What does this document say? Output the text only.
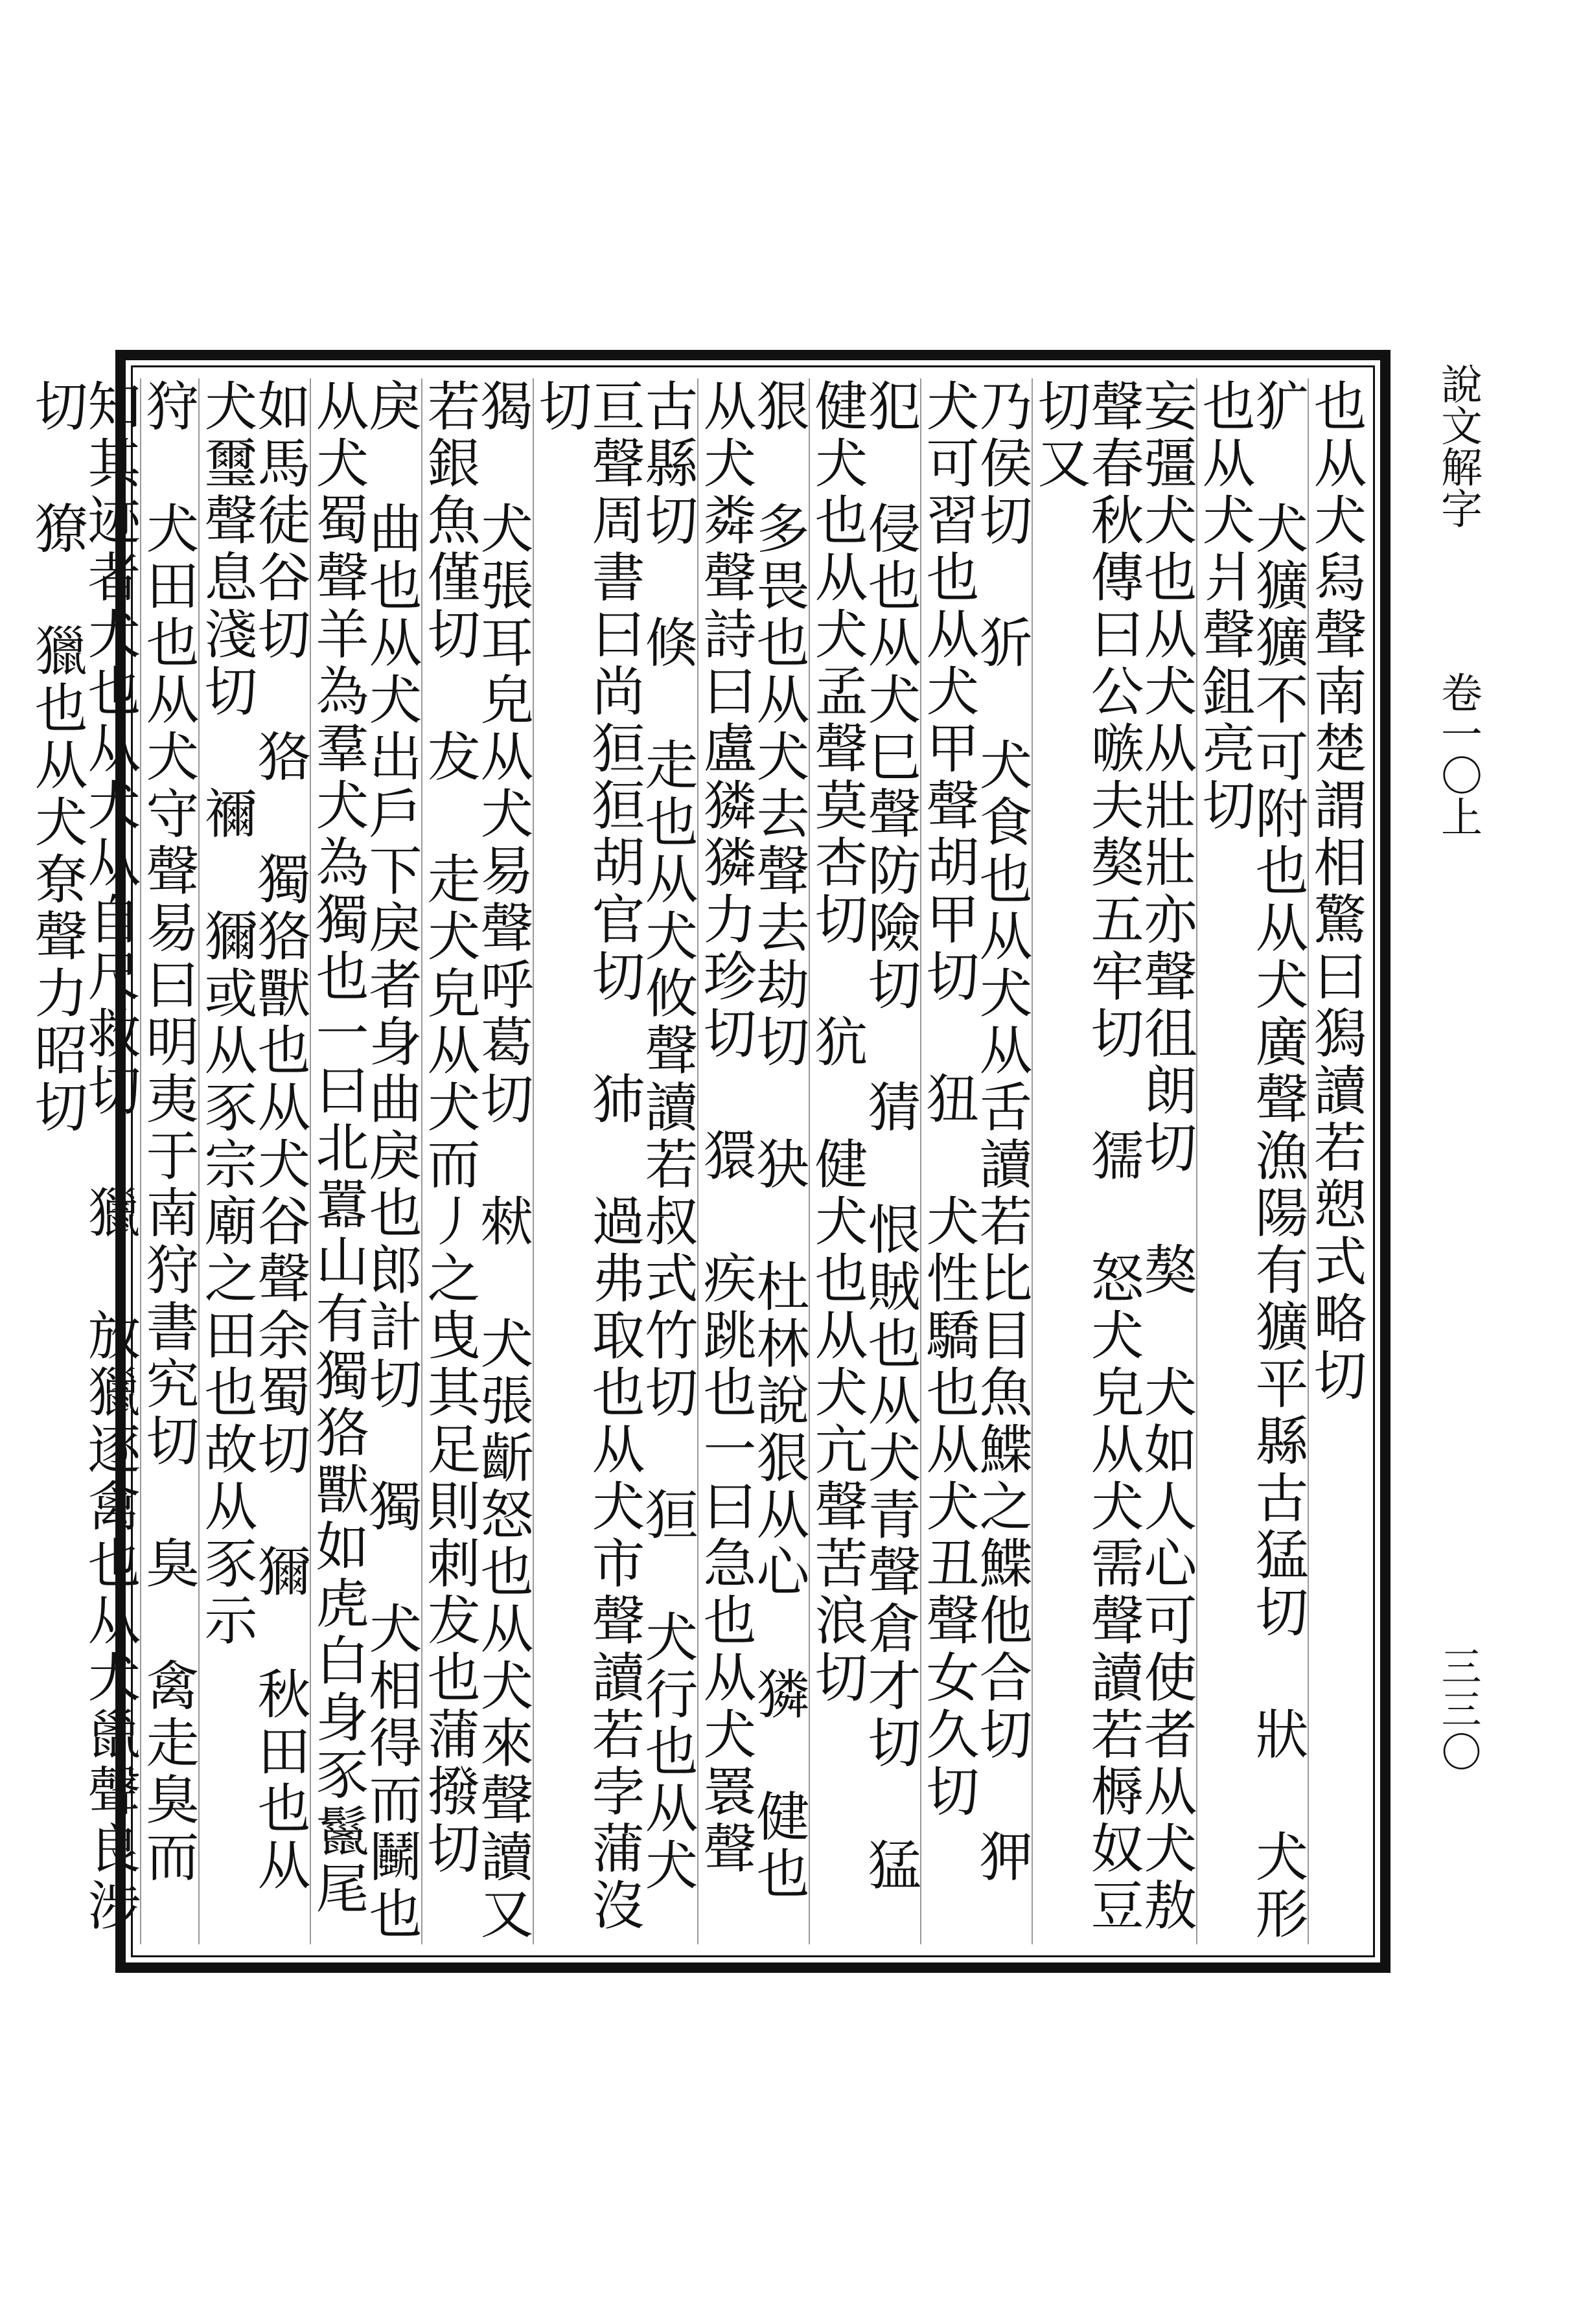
說文解字卷一〇上
三三〇
也从犬舄聲南楚謂相驚曰獡讀若愬式略切
犷 犬獷獷不可附也从犬廣聲漁陽有獷平縣古猛切 狀 犬形也从犬爿聲鉏亮切
妄彊犬也从犬从壯壯亦聲徂朗切 獒 犬如人心可使者从犬敖聲春秋傳曰公嗾夫獒五牢切 獳 怒犬皃从犬需聲讀若槈奴豆切又
乃侯切 㹞 犬食也从犬从舌讀若比目魚鰈之鰈他合切 狎 犬可習也从犬甲聲胡甲切 狃 犬性驕也从犬丑聲女久切
犯 侵也从犬巳聲防險切 猜 恨賊也从犬青聲倉才切 猛 健犬也从犬孟聲莫杏切 犺 健犬也从犬亢聲苦浪切
狠 多畏也从犬去聲去劫切 㹟 杜林說狠从心 獜 健也从犬粦聲詩曰盧獜獜力珍切 獧 疾跳也一曰急也从犬瞏聲
古縣切 倏 走也从犬攸聲讀若叔式竹切 狟 犬行也从犬亘聲周書曰尚狟狟胡官切 犻 過弗取也从犬市聲讀若孛蒲沒切
猲 犬張耳皃从犬易聲呼葛切 猌 犬張齗怒也从犬來聲讀又若銀魚僅切 犮 走犬皃从犬而丿之曳其足則刺犮也蒲撥切
戾 曲也从犬出戶下戾者身曲戾也郎計切 獨 犬相得而鬭也从犬蜀聲羊為羣犬為獨也一曰北囂山有獨狢獸如虎白身豕鬣尾
如馬徒谷切 狢 獨狢獸也从犬谷聲余蜀切 獮 秋田也从犬璽聲息淺切 禰 獮或从豕宗廟之田也故从豕示
狩 犬田也从犬守聲易曰明夷于南狩書究切 臭 禽走臭而
知其迹者犬也从犬从自尺救切 獵 放獵逐禽也从犬巤聲良涉切 獠 獵也从犬尞聲力昭切
